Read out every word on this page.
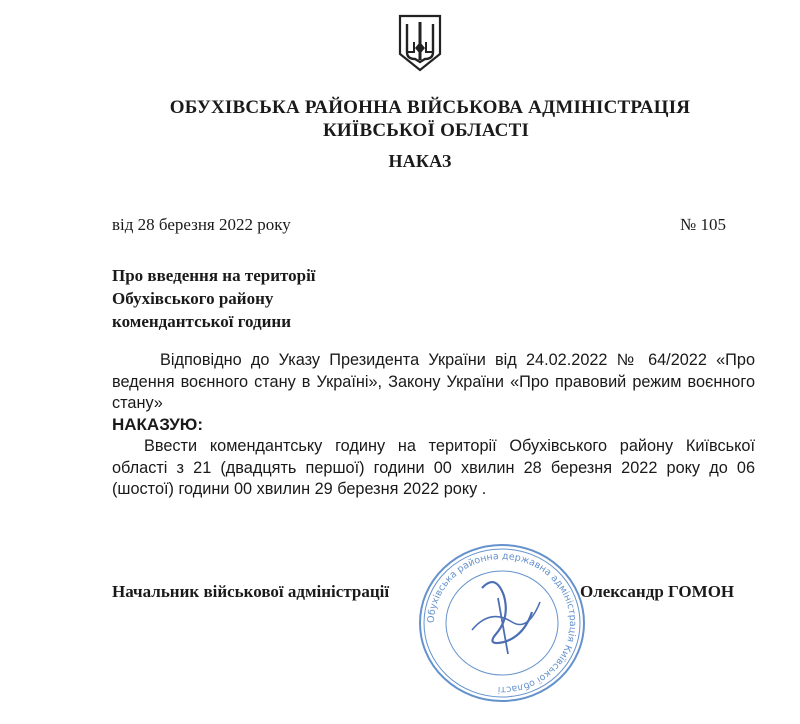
ОБУХІВСЬКА РАЙОННА ВІЙСЬКОВА АДМІНІСТРАЦІЯ
КИЇВСЬКОЇ ОБЛАСТІ
НАКАЗ
від 28 березня 2022 року	№ 105
Про введення на території
Обухівського району
комендантської години
Відповідно до Указу Президента України від 24.02.2022 № 64/2022 «Про ведення воєнного стану в Україні», Закону України «Про правовий режим воєнного стану»
НАКАЗУЮ:
Ввести комендантську годину на території Обухівського району Київської області з 21 (двадцять першої) години 00 хвилин 28 березня 2022 року до 06 (шостої) години 00 хвилин 29 березня 2022 року .
Начальник військової адміністрації	Олександр ГОМОН
Обухівська районна державна адміністрація Київської області
